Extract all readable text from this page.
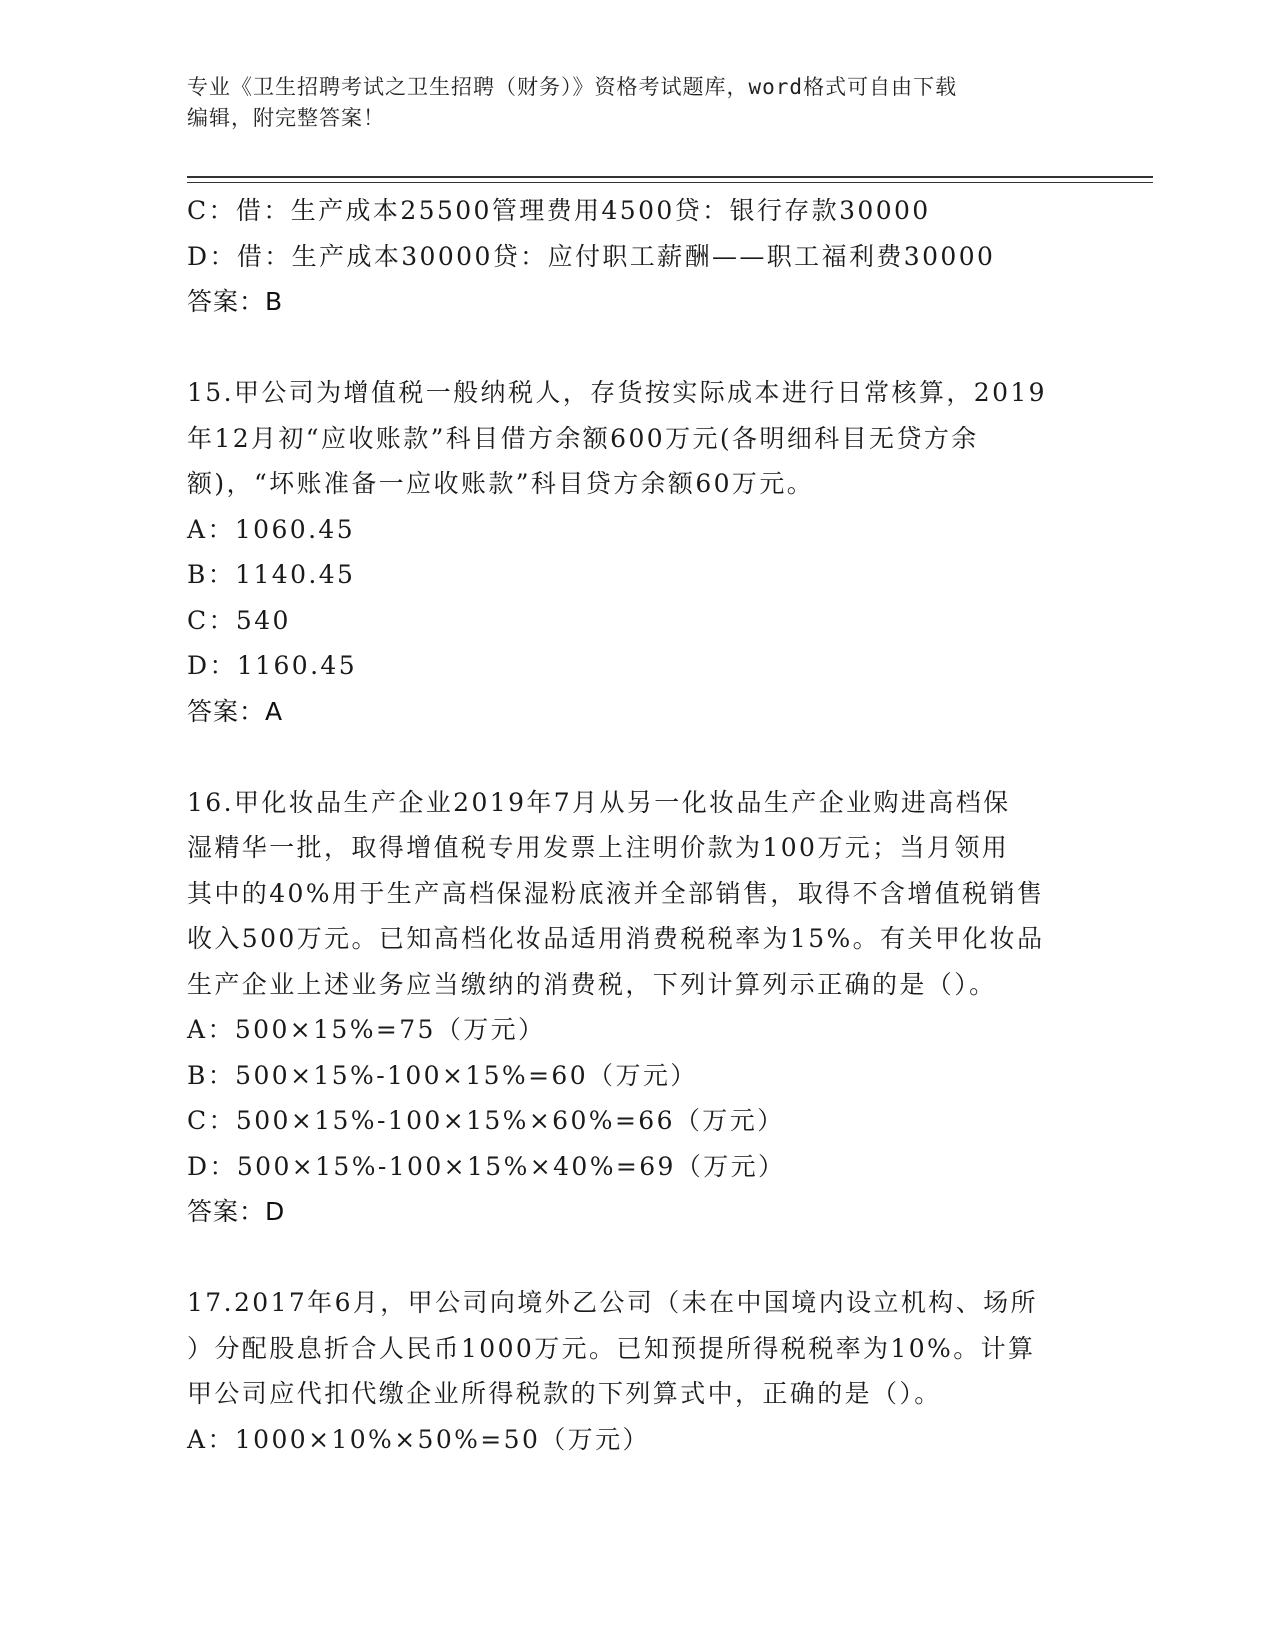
专业《卫生招聘考试之卫生招聘（财务）》资格考试题库，word格式可自由下载
编辑，附完整答案！
C：借：生产成本25500管理费用4500贷：银行存款30000
D：借：生产成本30000贷：应付职工薪酬——职工福利费30000
答案：B
15.甲公司为增值税一般纳税人，存货按实际成本进行日常核算，2019
年12月初“应收账款”科目借方余额600万元(各明细科目无贷方余
额)，“坏账准备一应收账款”科目贷方余额60万元。
A：1060.45
B：1140.45
C：540
D：1160.45
答案：A
16.甲化妆品生产企业2019年7月从另一化妆品生产企业购进高档保
湿精华一批，取得增值税专用发票上注明价款为100万元；当月领用
其中的40%用于生产高档保湿粉底液并全部销售，取得不含增值税销售
收入500万元。已知高档化妆品适用消费税税率为15%。有关甲化妆品
生产企业上述业务应当缴纳的消费税，下列计算列示正确的是（）。
A：500×15%=75（万元）
B：500×15%-100×15%=60（万元）
C：500×15%-100×15%×60%=66（万元）
D：500×15%-100×15%×40%=69（万元）
答案：D
17.2017年6月，甲公司向境外乙公司（未在中国境内设立机构、场所
）分配股息折合人民币1000万元。已知预提所得税税率为10%。计算
甲公司应代扣代缴企业所得税款的下列算式中，正确的是（）。
A：1000×10%×50%=50（万元）
